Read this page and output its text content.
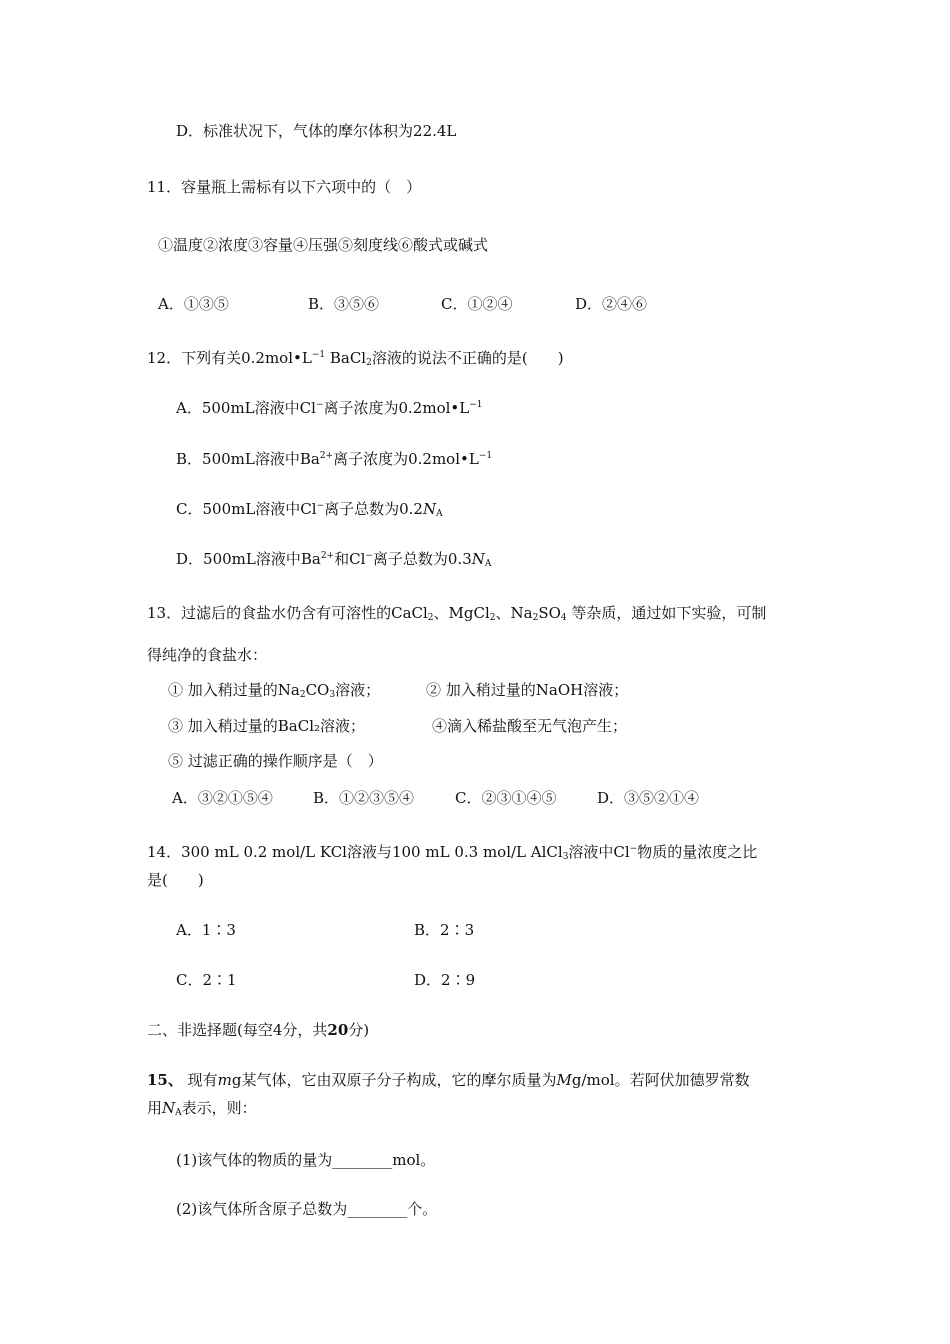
D．标准状况下，气体的摩尔体积为22.4L
11．容量瓶上需标有以下六项中的（　）
①温度②浓度③容量④压强⑤刻度线⑥酸式或碱式
A．①③⑤	B．③⑤⑥	C．①②④	D．②④⑥
12．下列有关$0.2mol•L^{-1}$ BaCl$_2$溶液的说法不正确的是(　　)
A．500mL溶液中Cl−离子浓度为$0.2mol•L^{-1}$
B．500mL溶液中$Ba^{2+}$离子浓度为$0.2mol•L^{-1}$
C．500mL溶液中Cl−离子总数为$0.2N_A$
D．500mL溶液中$Ba^{2+}$和Cl−离子总数为$0.3N_A$
13．过滤后的食盐水仍含有可溶性的CaCl$_2$、MgCl$_2$、$Na_2SO_4$ 等杂质，通过如下实验，可制
得纯净的食盐水：
① 加入稍过量的$Na_2CO_3$溶液；	② 加入稍过量的NaOH溶液；
③ 加入稍过量的BaCl₂溶液；	④滴入稀盐酸至无气泡产生；
⑤ 过滤正确的操作顺序是（　）
A．③②①⑤④	B．①②③⑤④	C．②③①④⑤	D．③⑤②①④
14．300 mL 0.2 mol/L KCl溶液与100 mL 0.3 mol/L AlCl$_3$溶液中Cl−物质的量浓度之比
是(　　)
A．1∶3	B．2∶3
C．2∶1	D．2∶9
二、非选择题(每空4分，共20分)
15、 现有mg某气体，它由双原子分子构成，它的摩尔质量为Mg/mol。若阿伏加德罗常数
用$N_A$表示，则：
(1)该气体的物质的量为________mol。
(2)该气体所含原子总数为________个。
